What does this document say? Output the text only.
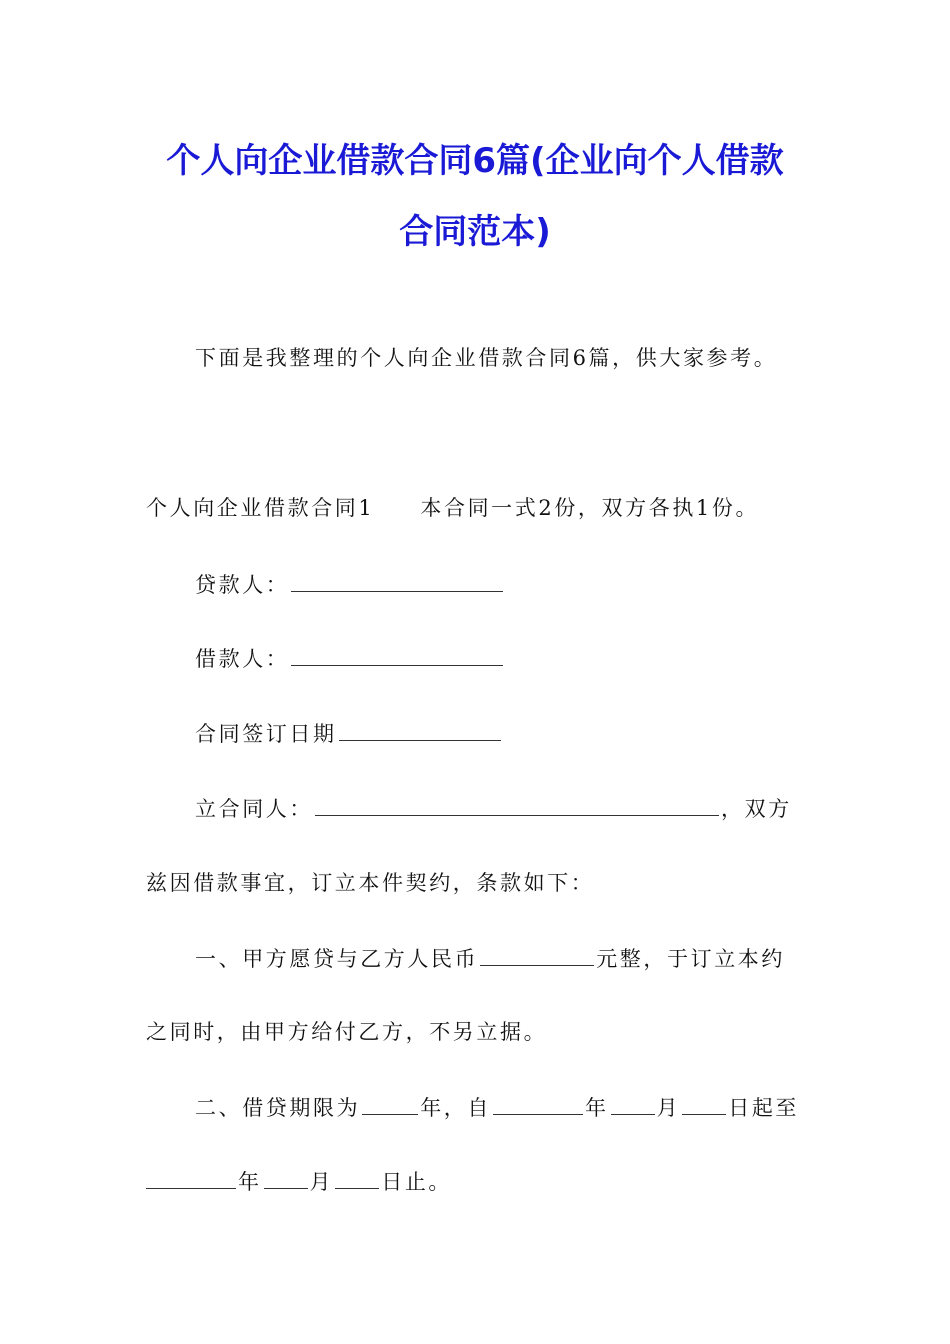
个人向企业借款合同6篇(企业向个人借款
合同范本)
下面是我整理的个人向企业借款合同6篇，供大家参考。
个人向企业借款合同1 本合同一式2份，双方各执1份。
贷款人：
借款人：
合同签订日期
立合同人：	，双方
兹因借款事宜，订立本件契约，条款如下：
一、甲方愿贷与乙方人民币	元整，于订立本约
之同时，由甲方给付乙方，不另立据。
二、借贷期限为	年，自	年 月 日起至
年 月 日止。
